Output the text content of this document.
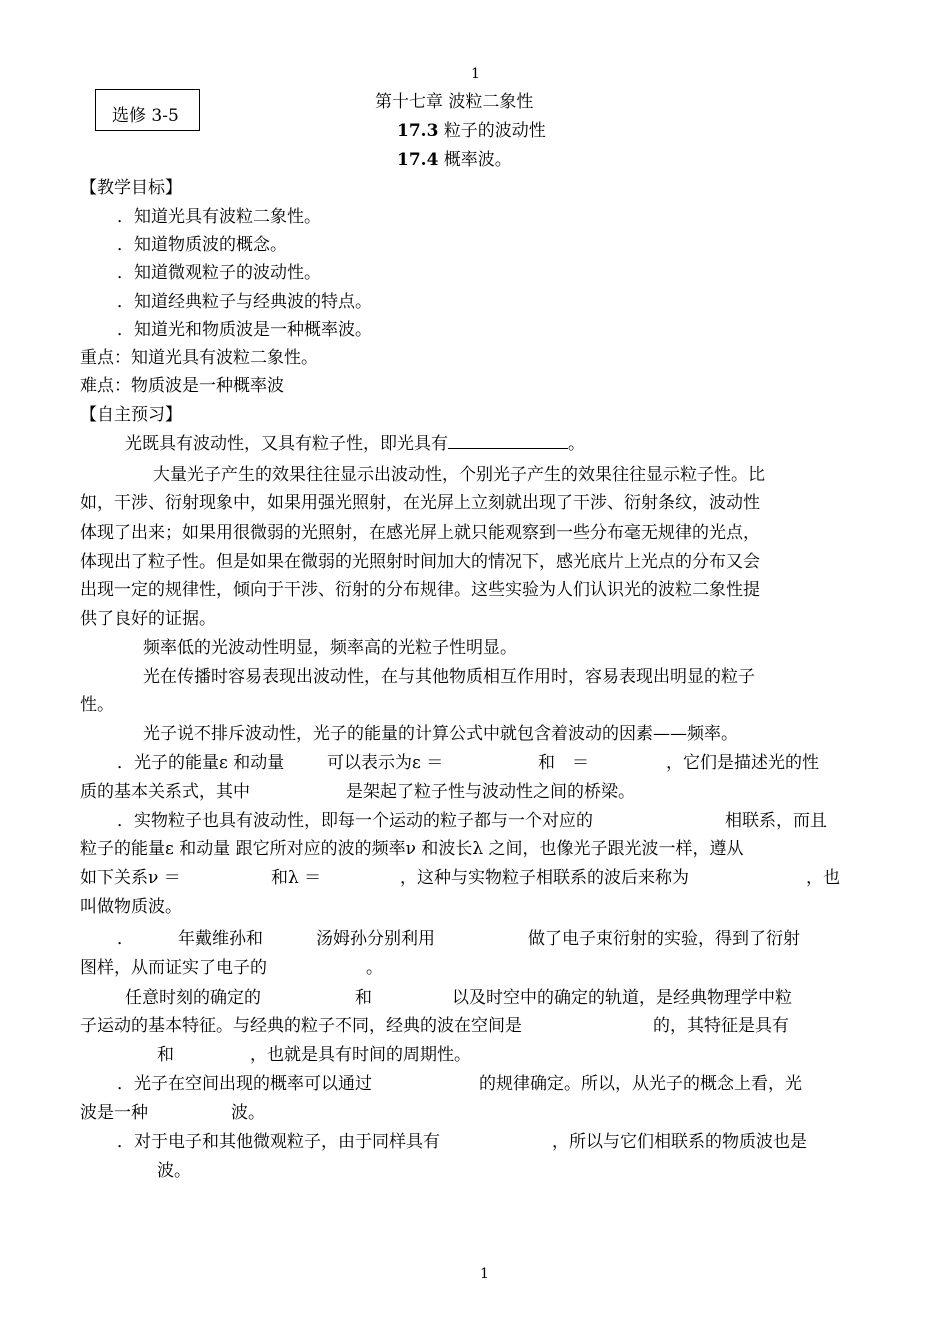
1
选修 3-5
第十七章 波粒二象性
17.3 粒子的波动性
17.4 概率波。
【教学目标】
．知道光具有波粒二象性。
．知道物质波的概念。
．知道微观粒子的波动性。
．知道经典粒子与经典波的特点。
．知道光和物质波是一种概率波。
重点：知道光具有波粒二象性。
难点：物质波是一种概率波
【自主预习】
光既具有波动性，又具有粒子性，即光具有	。
大量光子产生的效果往往显示出波动性，个别光子产生的效果往往显示粒子性。比
如，干涉、衍射现象中，如果用强光照射，在光屏上立刻就出现了干涉、衍射条纹，波动性
体现了出来；如果用很微弱的光照射，在感光屏上就只能观察到一些分布毫无规律的光点，
体现出了粒子性。但是如果在微弱的光照射时间加大的情况下，感光底片上光点的分布又会
出现一定的规律性，倾向于干涉、衍射的分布规律。这些实验为人们认识光的波粒二象性提
供了良好的证据。
频率低的光波动性明显，频率高的光粒子性明显。
光在传播时容易表现出波动性，在与其他物质相互作用时，容易表现出明显的粒子
性。
光子说不排斥波动性，光子的能量的计算公式中就包含着波动的因素——频率。
．光子的能量ε 和动量	可以表示为ε ＝	和 ＝	，它们是描述光的性
质的基本关系式，其中	是架起了粒子性与波动性之间的桥梁。
．实物粒子也具有波动性，即每一个运动的粒子都与一个对应的	相联系，而且
粒子的能量ε 和动量 跟它所对应的波的频率ν 和波长λ 之间，也像光子跟光波一样，遵从
如下关系ν ＝	和λ ＝	，这种与实物粒子相联系的波后来称为	，也
叫做物质波。
．	年戴维孙和	汤姆孙分别利用	做了电子束衍射的实验，得到了衍射
图样，从而证实了电子的	。
任意时刻的确定的	和	以及时空中的确定的轨道，是经典物理学中粒
子运动的基本特征。与经典的粒子不同，经典的波在空间是	的，其特征是具有
和	，也就是具有时间的周期性。
．光子在空间出现的概率可以通过	的规律确定。所以，从光子的概念上看，光
波是一种	波。
．对于电子和其他微观粒子，由于同样具有	，所以与它们相联系的物质波也是
波。
1
